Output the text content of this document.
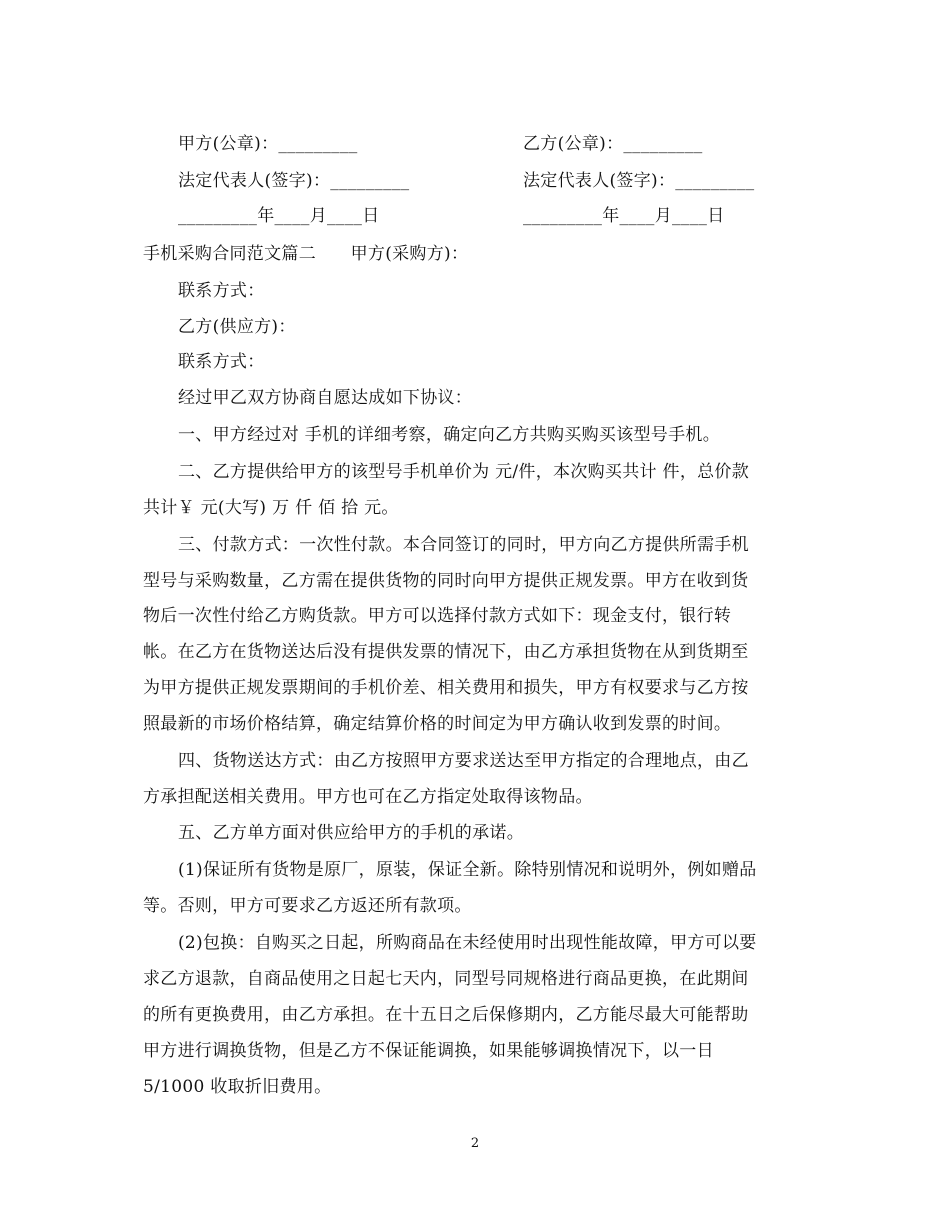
甲方(公章)：_________	乙方(公章)：_________
法定代表人(签字)：_________	法定代表人(签字)：_________
_________年____月____日	_________年____月____日
手机采购合同范文篇二　　甲方(采购方)：
联系方式：
乙方(供应方)：
联系方式：
经过甲乙双方协商自愿达成如下协议：
一、甲方经过对 手机的详细考察，确定向乙方共购买购买该型号手机。
二、乙方提供给甲方的该型号手机单价为 元/件，本次购买共计 件，总价款
共计￥ 元(大写) 万 仟 佰 拾 元。
三、付款方式：一次性付款。本合同签订的同时，甲方向乙方提供所需手机
型号与采购数量，乙方需在提供货物的同时向甲方提供正规发票。甲方在收到货
物后一次性付给乙方购货款。甲方可以选择付款方式如下：现金支付，银行转
帐。在乙方在货物送达后没有提供发票的情况下，由乙方承担货物在从到货期至
为甲方提供正规发票期间的手机价差、相关费用和损失，甲方有权要求与乙方按
照最新的市场价格结算，确定结算价格的时间定为甲方确认收到发票的时间。
四、货物送达方式：由乙方按照甲方要求送达至甲方指定的合理地点，由乙
方承担配送相关费用。甲方也可在乙方指定处取得该物品。
五、乙方单方面对供应给甲方的手机的承诺。
(1)保证所有货物是原厂，原装，保证全新。除特别情况和说明外，例如赠品
等。否则，甲方可要求乙方返还所有款项。
(2)包换：自购买之日起，所购商品在未经使用时出现性能故障，甲方可以要
求乙方退款，自商品使用之日起七天内，同型号同规格进行商品更换，在此期间
的所有更换费用，由乙方承担。在十五日之后保修期内，乙方能尽最大可能帮助
甲方进行调换货物，但是乙方不保证能调换，如果能够调换情况下，以一日
5/1000 收取折旧费用。
2
